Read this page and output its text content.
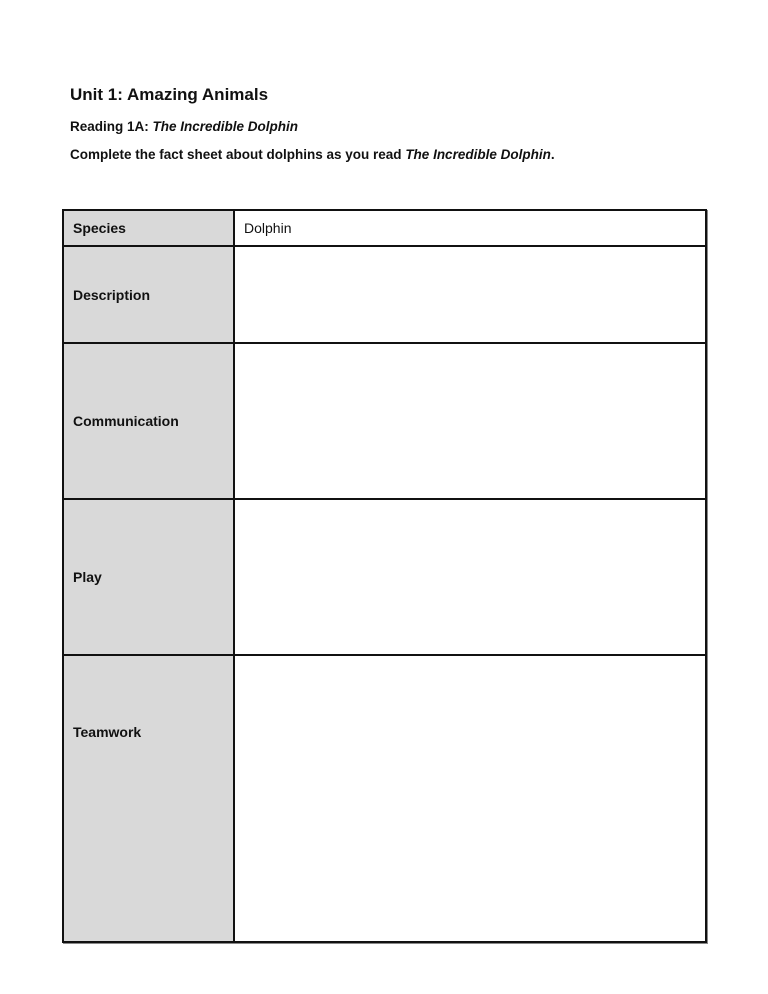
Unit 1: Amazing Animals

Reading 1A: The Incredible Dolphin

Complete the fact sheet about dolphins as you read The Incredible Dolphin.

Species	Dolphin
Description	
Communication	
Play	
Teamwork	
